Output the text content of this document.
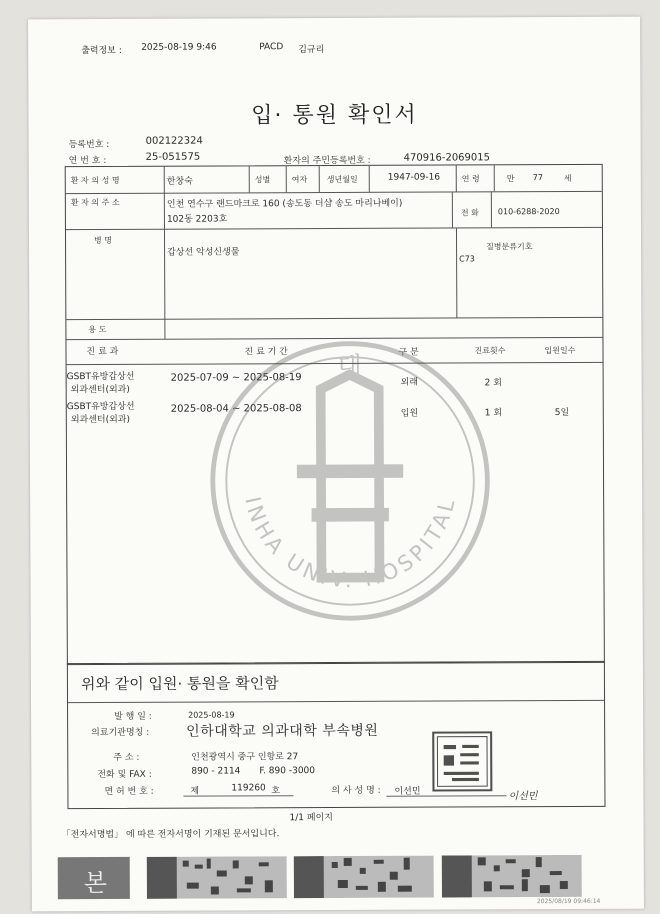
출력정보 : 2025-08-19 9:46	PACD 김규리
입· 통원 확인서
등록번호 :	002122324
연 번 호 :	25-051575	환자의 주민등록번호 :	470916-2069015
환 자 의 성 명	한창숙	성별	여자 생년월일	1947-09-16	연 령	만 77	세
환 자 의 주 소	인천 연수구 랜드마크로 160 (송도동 더샵 송도 마리나베이)
102동 2203호
전 화 010-6288-2020
병 명
갑상선 악성신생물
질병분류기호
C73
용 도
진 료 과	진 료 기 간	구 분	진료횟수	입원일수
GSBT유방갑상선
외과센터(외과)
2025-07-09 ~ 2025-08-19	외래	2 회
GSBT유방갑상선
외과센터(외과)
2025-08-04 ~ 2025-08-08	입원	1 회	5일
위와 같이 입원· 통원을 확인함
발 행 일 :	2025-08-19
의료기관명칭 :	인하대학교 의과대학 부속병원
주 소 :	인천광역시 중구 인항로 27
전화 및 FAX :	890 - 2114 F. 890 -3000
면 허 번 호 :	제	119260 호	의 사 성 명 : 이선민	이선민
대
INHA UNIV. HOSPITAL
1/1 페이지
「전자서명법」 에 따른 전자서명이 기재된 문서입니다.
본
2025/08/19 09:46:14
